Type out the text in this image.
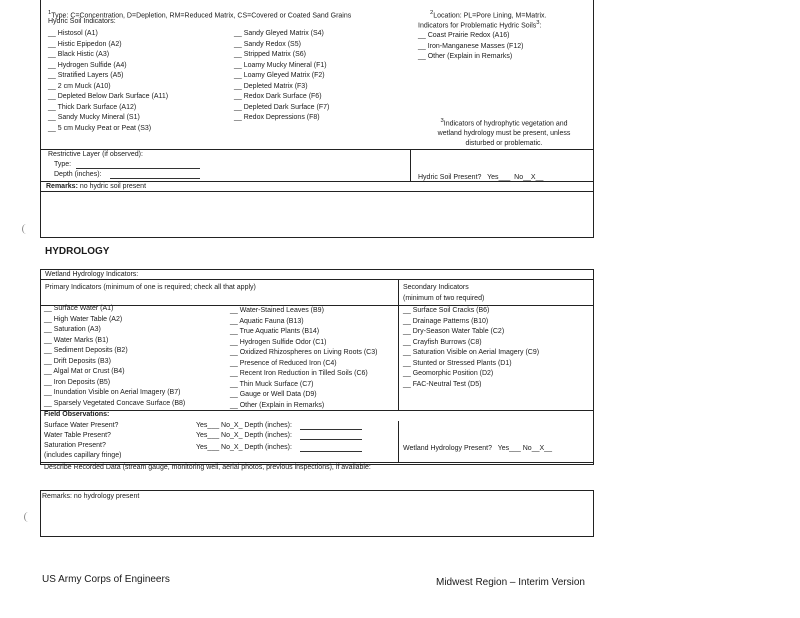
$^1$Type: C=Concentration, D=Depletion, RM=Reduced Matrix, CS=Covered or Coated Sand Grains	$^2$Location: PL=Pore Lining, M=Matrix.
Hydric Soil Indicators:
Indicators for Problematic Hydric Soils$^3$:
__ Histosol (A1)
__ Histic Epipedon (A2)
__ Black Histic (A3)
__ Hydrogen Sulfide (A4)
__ Stratified Layers (A5)
__ 2 cm Muck (A10)
__ Depleted Below Dark Surface (A11)
__ Thick Dark Surface (A12)
__ Sandy Mucky Mineral (S1)
__ 5 cm Mucky Peat or Peat (S3)
__ Sandy Gleyed Matrix (S4)
__ Sandy Redox (S5)
__ Stripped Matrix (S6)
__ Loamy Mucky Mineral (F1)
__ Loamy Gleyed Matrix (F2)
__ Depleted Matrix (F3)
__ Redox Dark Surface (F6)
__ Depleted Dark Surface (F7)
__ Redox Depressions (F8)
__ Coast Prairie Redox (A16)
__ Iron-Manganese Masses (F12)
__ Other (Explain in Remarks)
$^3$Indicators of hydrophytic vegetation and
wetland hydrology must be present, unless
disturbed or problematic.
Restrictive Layer (if observed):
Type:
Depth (inches):	Hydric Soil Present? Yes___  No__X__
Remarks: no hydric soil present
HYDROLOGY
Wetland Hydrology Indicators:
Primary Indicators (minimum of one is required; check all that apply)	Secondary Indicators
(minimum of two required)
__ Surface Water (A1)
__ High Water Table (A2)
__ Saturation (A3)
__ Water Marks (B1)
__ Sediment Deposits (B2)
__ Drift Deposits (B3)
__ Algal Mat or Crust (B4)
__ Iron Deposits (B5)
__ Inundation Visible on Aerial Imagery (B7)
__ Sparsely Vegetated Concave Surface (B8)
__ Water-Stained Leaves (B9)
__ Aquatic Fauna (B13)
__ True Aquatic Plants (B14)
__ Hydrogen Sulfide Odor (C1)
__ Oxidized Rhizospheres on Living Roots (C3)
__ Presence of Reduced Iron (C4)
__ Recent Iron Reduction in Tilled Soils (C6)
__ Thin Muck Surface (C7)
__ Gauge or Well Data (D9)
__ Other (Explain in Remarks)
__ Surface Soil Cracks (B6)
__ Drainage Patterns (B10)
__ Dry-Season Water Table (C2)
__ Crayfish Burrows (C8)
__ Saturation Visible on Aerial Imagery (C9)
__ Stunted or Stressed Plants (D1)
__ Geomorphic Position (D2)
__ FAC-Neutral Test (D5)
Field Observations:
Surface Water Present?	Yes___ No_X_ Depth (inches):
Water Table Present?	Yes___ No_X_ Depth (inches):
Saturation Present?	Yes___ No_X_ Depth (inches):
(includes capillary fringe)
Wetland Hydrology Present? Yes___ No__X__
Describe Recorded Data (stream gauge, monitoring well, aerial photos, previous inspections), if available:
Remarks: no hydrology present
US Army Corps of Engineers	Midwest Region – Interim Version
